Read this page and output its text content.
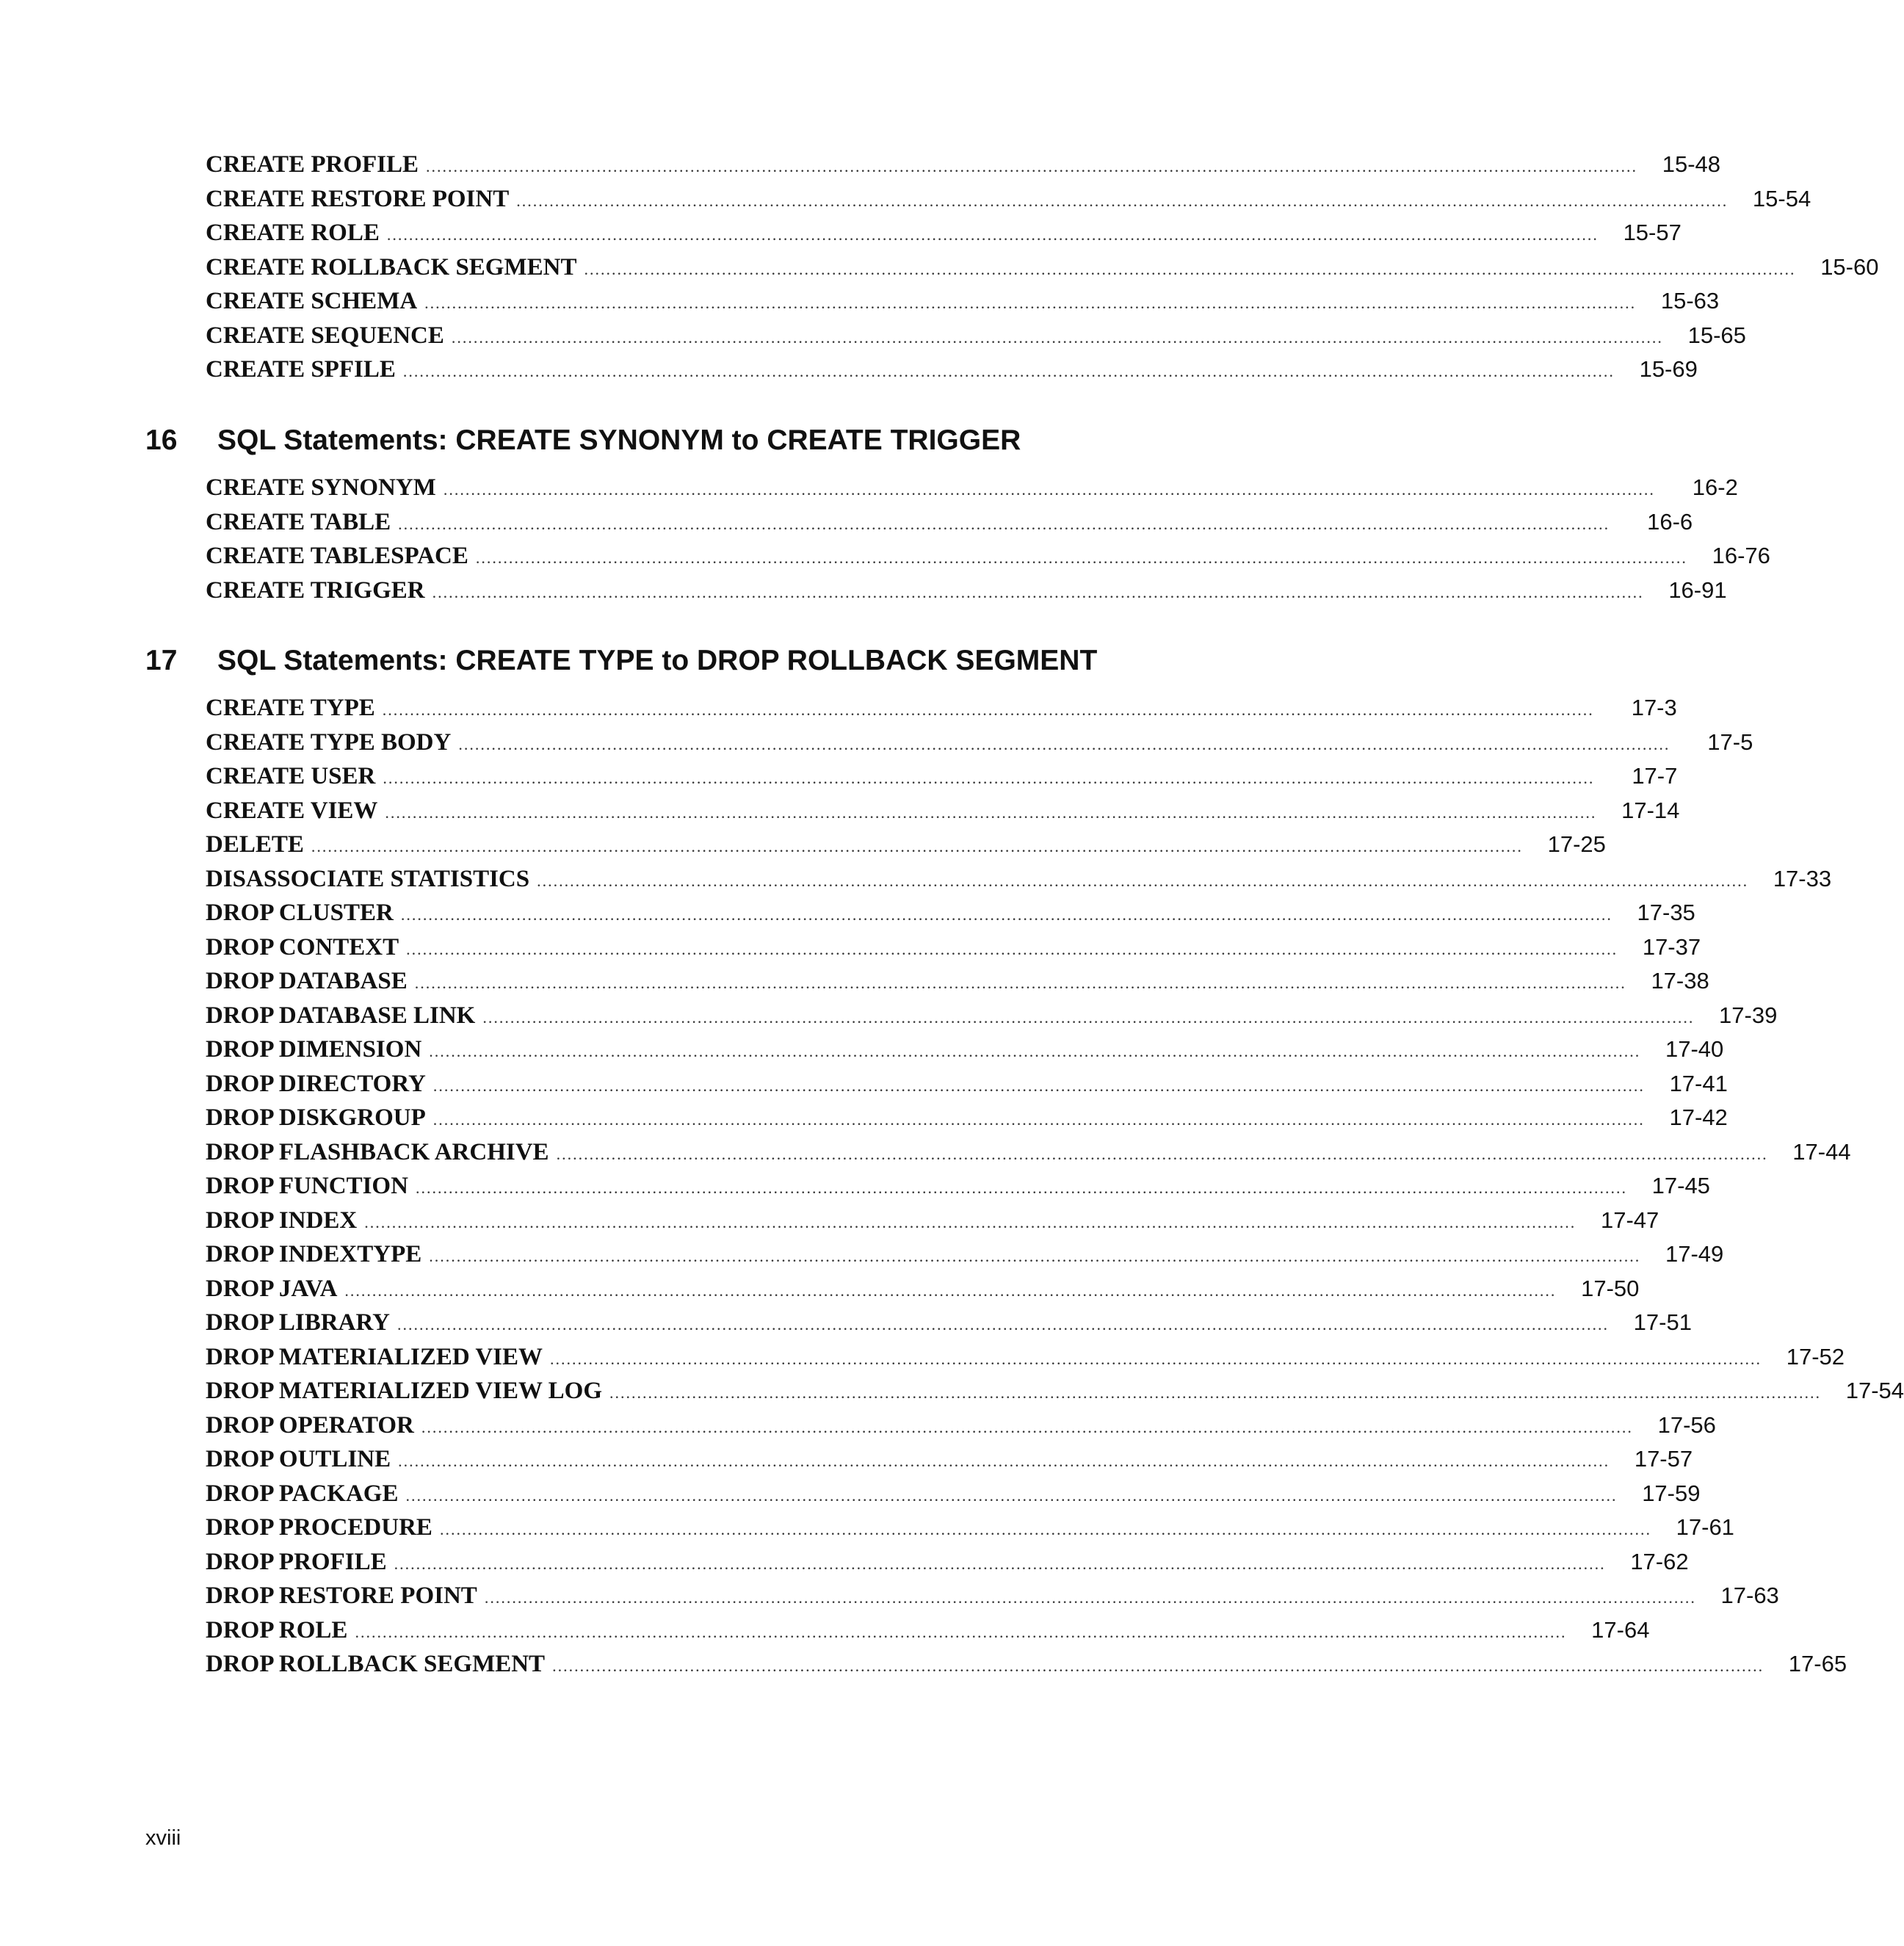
CREATE PROFILE ............................................................................................................................................................................................................................	15-48
CREATE RESTORE POINT ............................................................................................................................................................................................................................	15-54
CREATE ROLE ............................................................................................................................................................................................................................	15-57
CREATE ROLLBACK SEGMENT ............................................................................................................................................................................................................................	15-60
CREATE SCHEMA ............................................................................................................................................................................................................................	15-63
CREATE SEQUENCE ............................................................................................................................................................................................................................	15-65
CREATE SPFILE ............................................................................................................................................................................................................................	15-69
16	SQL Statements: CREATE SYNONYM to CREATE TRIGGER
CREATE SYNONYM ............................................................................................................................................................................................................................	16-2
CREATE TABLE ............................................................................................................................................................................................................................	16-6
CREATE TABLESPACE ............................................................................................................................................................................................................................	16-76
CREATE TRIGGER ............................................................................................................................................................................................................................	16-91
17	SQL Statements: CREATE TYPE to DROP ROLLBACK SEGMENT
CREATE TYPE ............................................................................................................................................................................................................................	17-3
CREATE TYPE BODY ............................................................................................................................................................................................................................	17-5
CREATE USER ............................................................................................................................................................................................................................	17-7
CREATE VIEW ............................................................................................................................................................................................................................	17-14
DELETE ............................................................................................................................................................................................................................	17-25
DISASSOCIATE STATISTICS ............................................................................................................................................................................................................................	17-33
DROP CLUSTER ............................................................................................................................................................................................................................	17-35
DROP CONTEXT ............................................................................................................................................................................................................................	17-37
DROP DATABASE ............................................................................................................................................................................................................................	17-38
DROP DATABASE LINK ............................................................................................................................................................................................................................	17-39
DROP DIMENSION ............................................................................................................................................................................................................................	17-40
DROP DIRECTORY ............................................................................................................................................................................................................................	17-41
DROP DISKGROUP ............................................................................................................................................................................................................................	17-42
DROP FLASHBACK ARCHIVE ............................................................................................................................................................................................................................	17-44
DROP FUNCTION ............................................................................................................................................................................................................................	17-45
DROP INDEX ............................................................................................................................................................................................................................	17-47
DROP INDEXTYPE ............................................................................................................................................................................................................................	17-49
DROP JAVA ............................................................................................................................................................................................................................	17-50
DROP LIBRARY ............................................................................................................................................................................................................................	17-51
DROP MATERIALIZED VIEW ............................................................................................................................................................................................................................	17-52
DROP MATERIALIZED VIEW LOG ............................................................................................................................................................................................................................	17-54
DROP OPERATOR ............................................................................................................................................................................................................................	17-56
DROP OUTLINE ............................................................................................................................................................................................................................	17-57
DROP PACKAGE ............................................................................................................................................................................................................................	17-59
DROP PROCEDURE ............................................................................................................................................................................................................................	17-61
DROP PROFILE ............................................................................................................................................................................................................................	17-62
DROP RESTORE POINT ............................................................................................................................................................................................................................	17-63
DROP ROLE ............................................................................................................................................................................................................................	17-64
DROP ROLLBACK SEGMENT ............................................................................................................................................................................................................................	17-65
xviii
